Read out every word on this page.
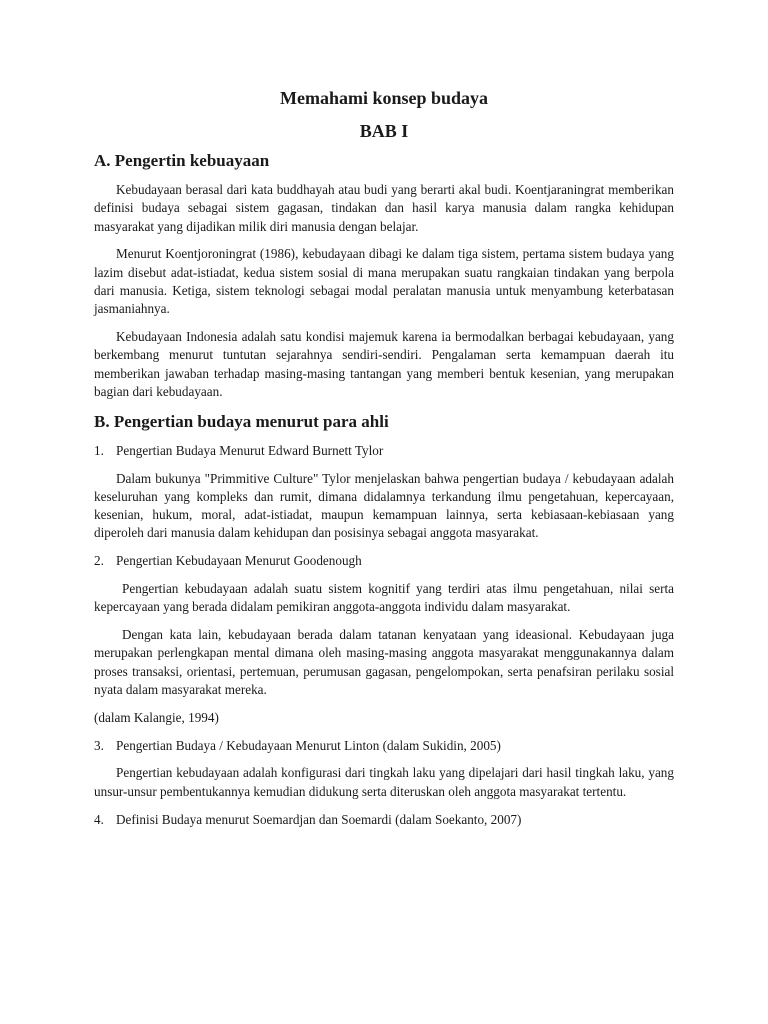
Memahami konsep budaya
BAB I
A. Pengertin kebuayaan

Kebudayaan berasal dari kata buddhayah atau budi yang berarti akal budi. Koentjaraningrat memberikan definisi budaya sebagai sistem gagasan, tindakan dan hasil karya manusia dalam rangka kehidupan masyarakat yang dijadikan milik diri manusia dengan belajar.

Menurut Koentjoroningrat (1986), kebudayaan dibagi ke dalam tiga sistem, pertama sistem budaya yang lazim disebut adat-istiadat, kedua sistem sosial di mana merupakan suatu rangkaian tindakan yang berpola dari manusia. Ketiga, sistem teknologi sebagai modal peralatan manusia untuk menyambung keterbatasan jasmaniahnya.

Kebudayaan Indonesia adalah satu kondisi majemuk karena ia bermodalkan berbagai kebudayaan, yang berkembang menurut tuntutan sejarahnya sendiri-sendiri. Pengalaman serta kemampuan daerah itu memberikan jawaban terhadap masing-masing tantangan yang memberi bentuk kesenian, yang merupakan bagian dari kebudayaan.

B. Pengertian budaya menurut para ahli
1. Pengertian Budaya Menurut Edward Burnett Tylor

Dalam bukunya "Primmitive Culture" Tylor menjelaskan bahwa pengertian budaya / kebudayaan adalah keseluruhan yang kompleks dan rumit, dimana didalamnya terkandung ilmu pengetahuan, kepercayaan, kesenian, hukum, moral, adat-istiadat, maupun kemampuan lainnya, serta kebiasaan-kebiasaan yang diperoleh dari manusia dalam kehidupan dan posisinya sebagai anggota masyarakat.

2. Pengertian Kebudayaan Menurut Goodenough

Pengertian kebudayaan adalah suatu sistem kognitif yang terdiri atas ilmu pengetahuan, nilai serta kepercayaan yang berada didalam pemikiran anggota-anggota individu dalam masyarakat.

Dengan kata lain, kebudayaan berada dalam tatanan kenyataan yang ideasional. Kebudayaan juga merupakan perlengkapan mental dimana oleh masing-masing anggota masyarakat menggunakannya dalam proses transaksi, orientasi, pertemuan, perumusan gagasan, pengelompokan, serta penafsiran perilaku sosial nyata dalam masyarakat mereka.

(dalam Kalangie, 1994)

3. Pengertian Budaya / Kebudayaan Menurut Linton (dalam Sukidin, 2005)

Pengertian kebudayaan adalah konfigurasi dari tingkah laku yang dipelajari dari hasil tingkah laku, yang unsur-unsur pembentukannya kemudian didukung serta diteruskan oleh anggota masyarakat tertentu.

4. Definisi Budaya menurut Soemardjan dan Soemardi (dalam Soekanto, 2007)
